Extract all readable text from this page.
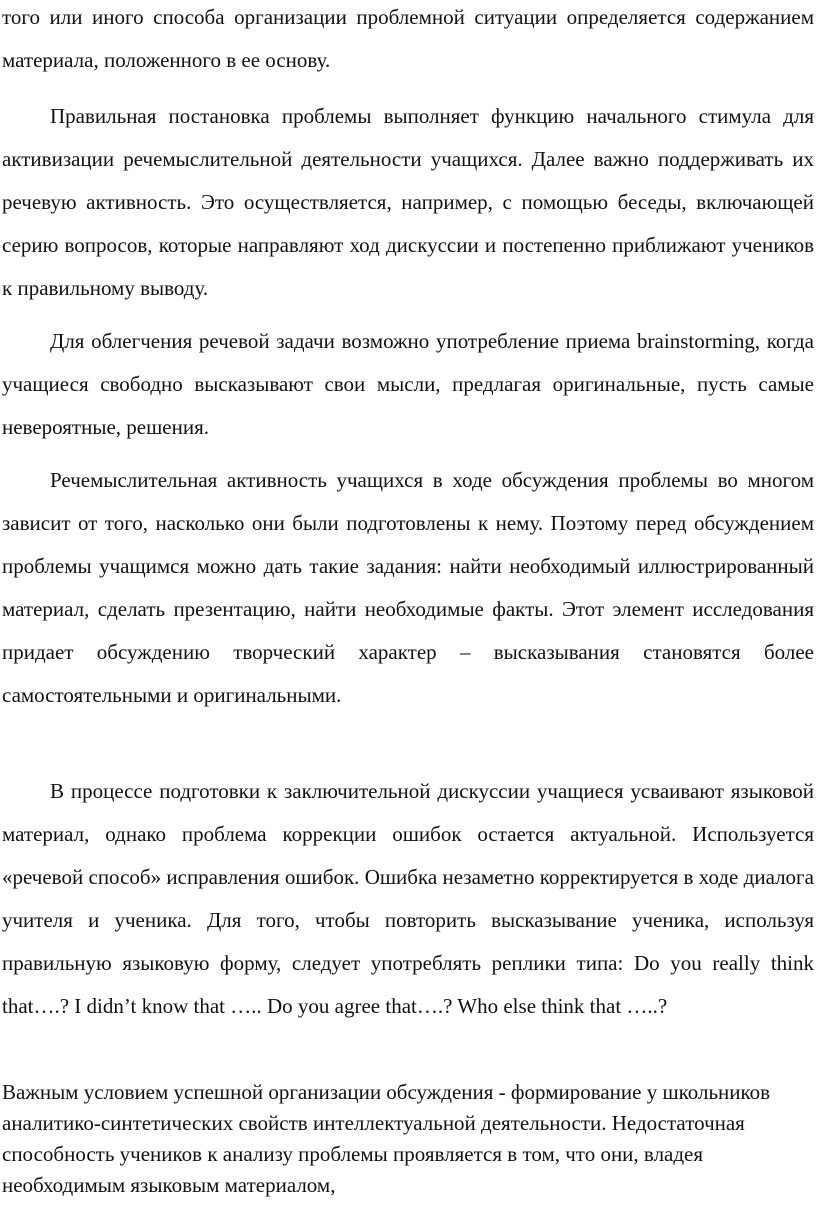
того или иного способа организации проблемной ситуации определяется содержанием материала, положенного в ее основу.

Правильная постановка проблемы выполняет функцию начального стимула для активизации речемыслительной деятельности учащихся. Далее важно поддерживать их речевую активность. Это осуществляется, например, с помощью беседы, включающей серию вопросов, которые направляют ход дискуссии и постепенно приближают учеников к правильному выводу.

Для облегчения речевой задачи возможно употребление приема brainstorming, когда учащиеся свободно высказывают свои мысли, предлагая оригинальные, пусть самые невероятные, решения.

Речемыслительная активность учащихся в ходе обсуждения проблемы во многом зависит от того, насколько они были подготовлены к нему. Поэтому перед обсуждением проблемы учащимся можно дать такие задания: найти необходимый иллюстрированный материал, сделать презентацию, найти необходимые факты. Этот элемент исследования придает обсуждению творческий характер – высказывания становятся более самостоятельными и оригинальными.

В процессе подготовки к заключительной дискуссии учащиеся усваивают языковой материал, однако проблема коррекции ошибок остается актуальной. Используется «речевой способ» исправления ошибок. Ошибка незаметно корректируется в ходе диалога учителя и ученика. Для того, чтобы повторить высказывание ученика, используя правильную языковую форму, следует употреблять реплики типа: Do you really think that….? I didn’t know that ….. Do you agree that….? Who else think that …..?

Важным условием успешной организации обсуждения - формирование у школьников аналитико-синтетических свойств интеллектуальной деятельности. Недостаточная способность учеников к анализу проблемы проявляется в том, что они, владея необходимым языковым материалом,
